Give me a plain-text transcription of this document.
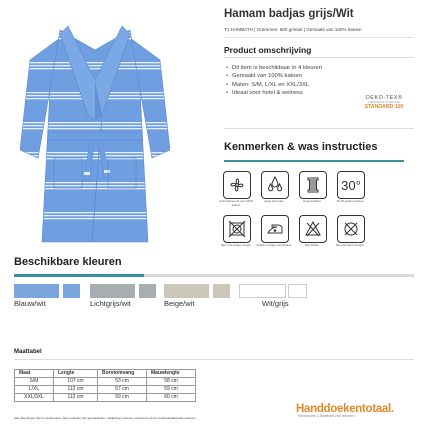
Hamam badjas grijs/Wit
T1-HAMBATH | Grammen: 500 gr/stuk | Gemaakt van 100% katoen
Product omschrijving
• Dit item is beschikbaar in 4 kleuren
• Gemaakt van 100% katoen
• Maten: S/M, L/XL en XXL/3XL
• Ideaal voor hotel & welness
OEKO-TEX®
CONFIDENCE IN TEXTILES
STANDARD 100
Kenmerken & was instructies
Lucht afvoerend voor 100% katoen
Hoge absorptie	Hoge kwaliteit
30°
Tot 30 graden wassen
Niet in de droger drogen	Strijken op lage temperatuur	Niet bleken	Niet chemisch reinigen
Beschikbare kleuren
Blauw/wit	Lichtgrijs/wit	Beige/wit	Wit/grijs
Maattabel
Maat	Lengte	Borstomvang	Mauwlengte
S/M	107 cm	53 cm	58 cm
L/XL	112 cm	57 cm	59 cm
XXL/3XL	112 cm	59 cm	60 cm
Alle afmetingen zijn in centimeters. Alle metingen zijn gemiddelden, afwijkingen kunnen voorkomen door productie/fabricatie redenen.
Handdoekentotaal.
Handdoeken & Badtextiel voor iedereen
